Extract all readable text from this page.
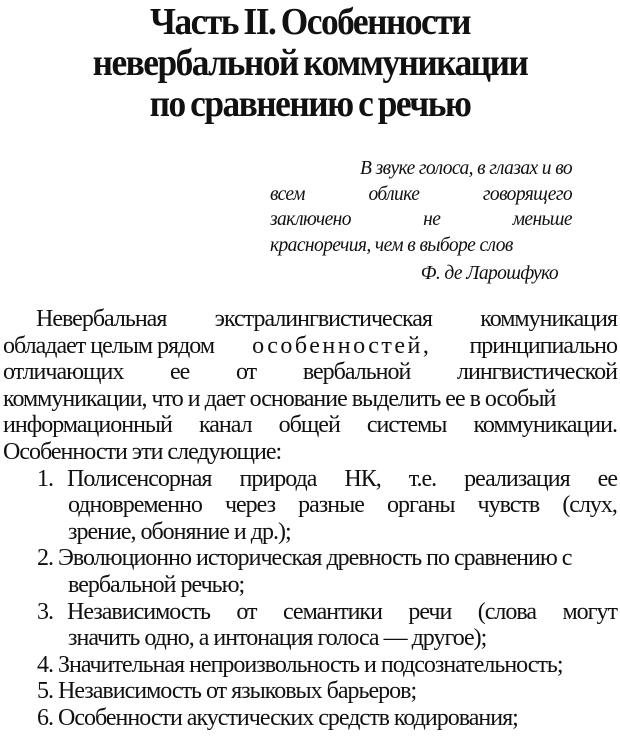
Часть II. Особенности
невербальной коммуникации
по сравнению с речью
В звуке голоса, в глазах и во
всем	облике	говорящего
заключено	не	меньше
красноречия, чем в выборе слов
Ф. де Ларошфуко
Невербальная экстралингвистическая коммуникация
обладает целым рядом особенностей, принципиально
отличающих ее от вербальной лингвистической
коммуникации, что и дает основание выделить ее в особый
информационный канал общей системы коммуникации.
Особенности эти следующие:
1. Полисенсорная природа НК, т.е. реализация ее
одновременно через разные органы чувств (слух,
зрение, обоняние и др.);
2. Эволюционно историческая древность по сравнению с
вербальной речью;
3. Независимость от семантики речи (слова могут
значить одно, а интонация голоса — другое);
4. Значительная непроизвольность и подсознательность;
5. Независимость от языковых барьеров;
6. Особенности акустических средств кодирования;
